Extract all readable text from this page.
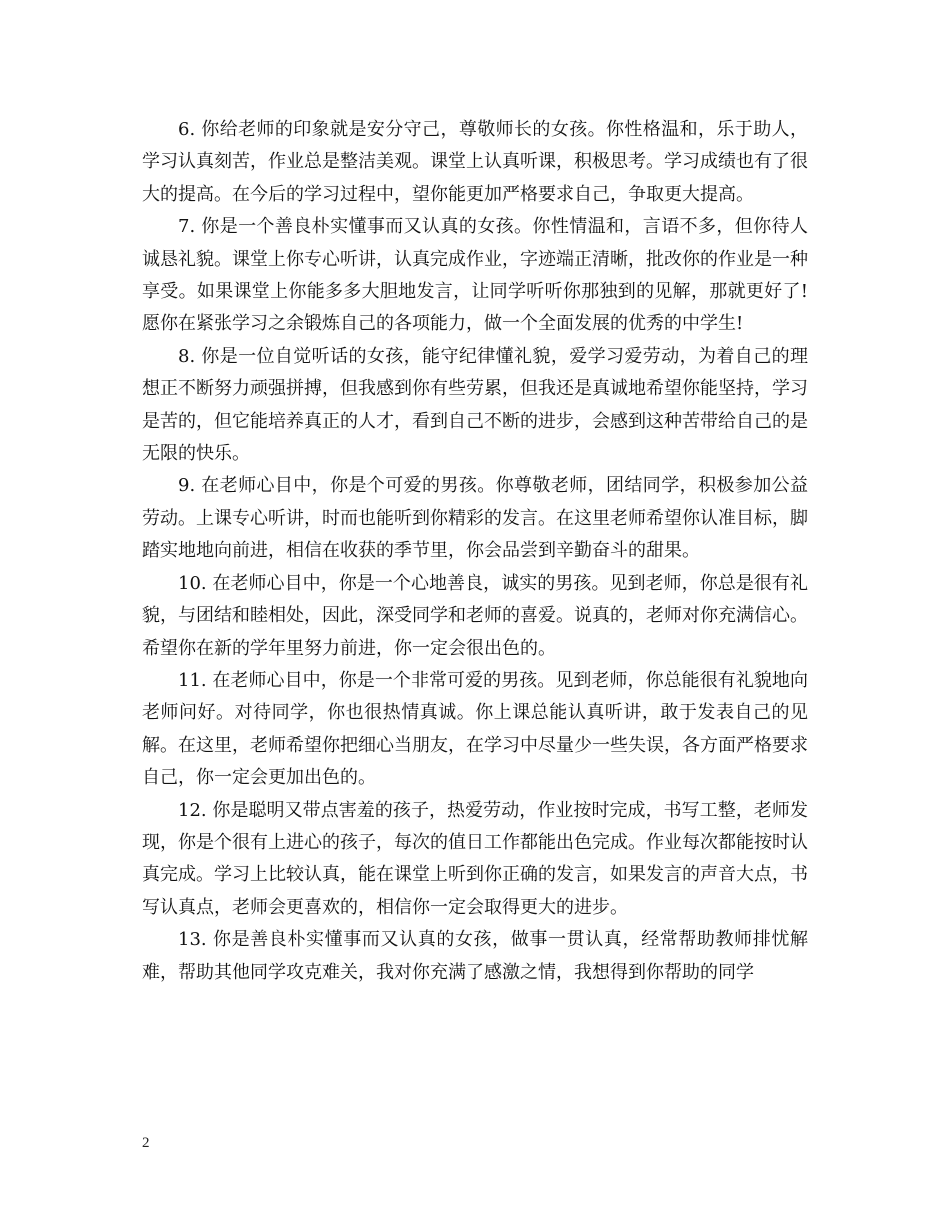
6. 你给老师的印象就是安分守己，尊敬师长的女孩。你性格温和，乐于助人，学习认真刻苦，作业总是整洁美观。课堂上认真听课，积极思考。学习成绩也有了很大的提高。在今后的学习过程中，望你能更加严格要求自己，争取更大提高。

7. 你是一个善良朴实懂事而又认真的女孩。你性情温和，言语不多，但你待人诚恳礼貌。课堂上你专心听讲，认真完成作业，字迹端正清晰，批改你的作业是一种享受。如果课堂上你能多多大胆地发言，让同学听听你那独到的见解，那就更好了!愿你在紧张学习之余锻炼自己的各项能力，做一个全面发展的优秀的中学生!

8. 你是一位自觉听话的女孩，能守纪律懂礼貌，爱学习爱劳动，为着自己的理想正不断努力顽强拼搏，但我感到你有些劳累，但我还是真诚地希望你能坚持，学习是苦的，但它能培养真正的人才，看到自己不断的进步，会感到这种苦带给自己的是无限的快乐。

9. 在老师心目中，你是个可爱的男孩。你尊敬老师，团结同学，积极参加公益劳动。上课专心听讲，时而也能听到你精彩的发言。在这里老师希望你认准目标，脚踏实地地向前进，相信在收获的季节里，你会品尝到辛勤奋斗的甜果。

10. 在老师心目中，你是一个心地善良，诚实的男孩。见到老师，你总是很有礼貌，与团结和睦相处，因此，深受同学和老师的喜爱。说真的，老师对你充满信心。希望你在新的学年里努力前进，你一定会很出色的。

11. 在老师心目中，你是一个非常可爱的男孩。见到老师，你总能很有礼貌地向老师问好。对待同学，你也很热情真诚。你上课总能认真听讲，敢于发表自己的见解。在这里，老师希望你把细心当朋友，在学习中尽量少一些失误，各方面严格要求自己，你一定会更加出色的。

12. 你是聪明又带点害羞的孩子，热爱劳动，作业按时完成，书写工整，老师发现，你是个很有上进心的孩子，每次的值日工作都能出色完成。作业每次都能按时认真完成。学习上比较认真，能在课堂上听到你正确的发言，如果发言的声音大点，书写认真点，老师会更喜欢的，相信你一定会取得更大的进步。

13. 你是善良朴实懂事而又认真的女孩，做事一贯认真，经常帮助教师排忧解难，帮助其他同学攻克难关，我对你充满了感激之情，我想得到你帮助的同学

2
